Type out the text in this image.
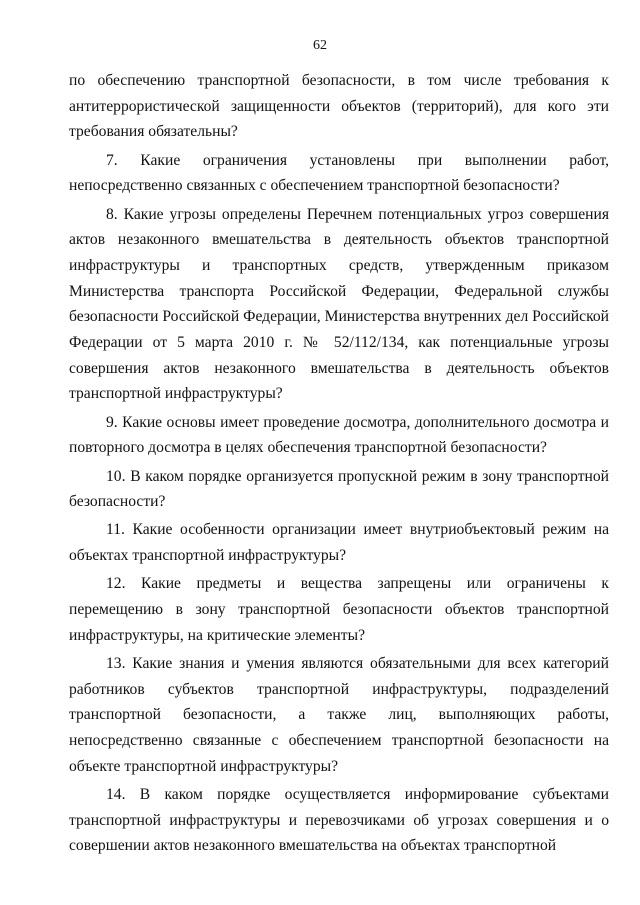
62

по обеспечению транспортной безопасности, в том числе требования к антитеррористической защищенности объектов (территорий), для кого эти требования обязательны?

7. Какие ограничения установлены при выполнении работ, непосредственно связанных с обеспечением транспортной безопасности?

8. Какие угрозы определены Перечнем потенциальных угроз совершения актов незаконного вмешательства в деятельность объектов транспортной инфраструктуры и транспортных средств, утвержденным приказом Министерства транспорта Российской Федерации, Федеральной службы безопасности Российской Федерации, Министерства внутренних дел Российской Федерации от 5 марта 2010 г. № 52/112/134, как потенциальные угрозы совершения актов незаконного вмешательства в деятельность объектов транспортной инфраструктуры?

9. Какие основы имеет проведение досмотра, дополнительного досмотра и повторного досмотра в целях обеспечения транспортной безопасности?

10. В каком порядке организуется пропускной режим в зону транспортной безопасности?

11. Какие особенности организации имеет внутриобъектовый режим на объектах транспортной инфраструктуры?

12. Какие предметы и вещества запрещены или ограничены к перемещению в зону транспортной безопасности объектов транспортной инфраструктуры, на критические элементы?

13. Какие знания и умения являются обязательными для всех категорий работников субъектов транспортной инфраструктуры, подразделений транспортной безопасности, а также лиц, выполняющих работы, непосредственно связанные с обеспечением транспортной безопасности на объекте транспортной инфраструктуры?

14. В каком порядке осуществляется информирование субъектами транспортной инфраструктуры и перевозчиками об угрозах совершения и о совершении актов незаконного вмешательства на объектах транспортной
